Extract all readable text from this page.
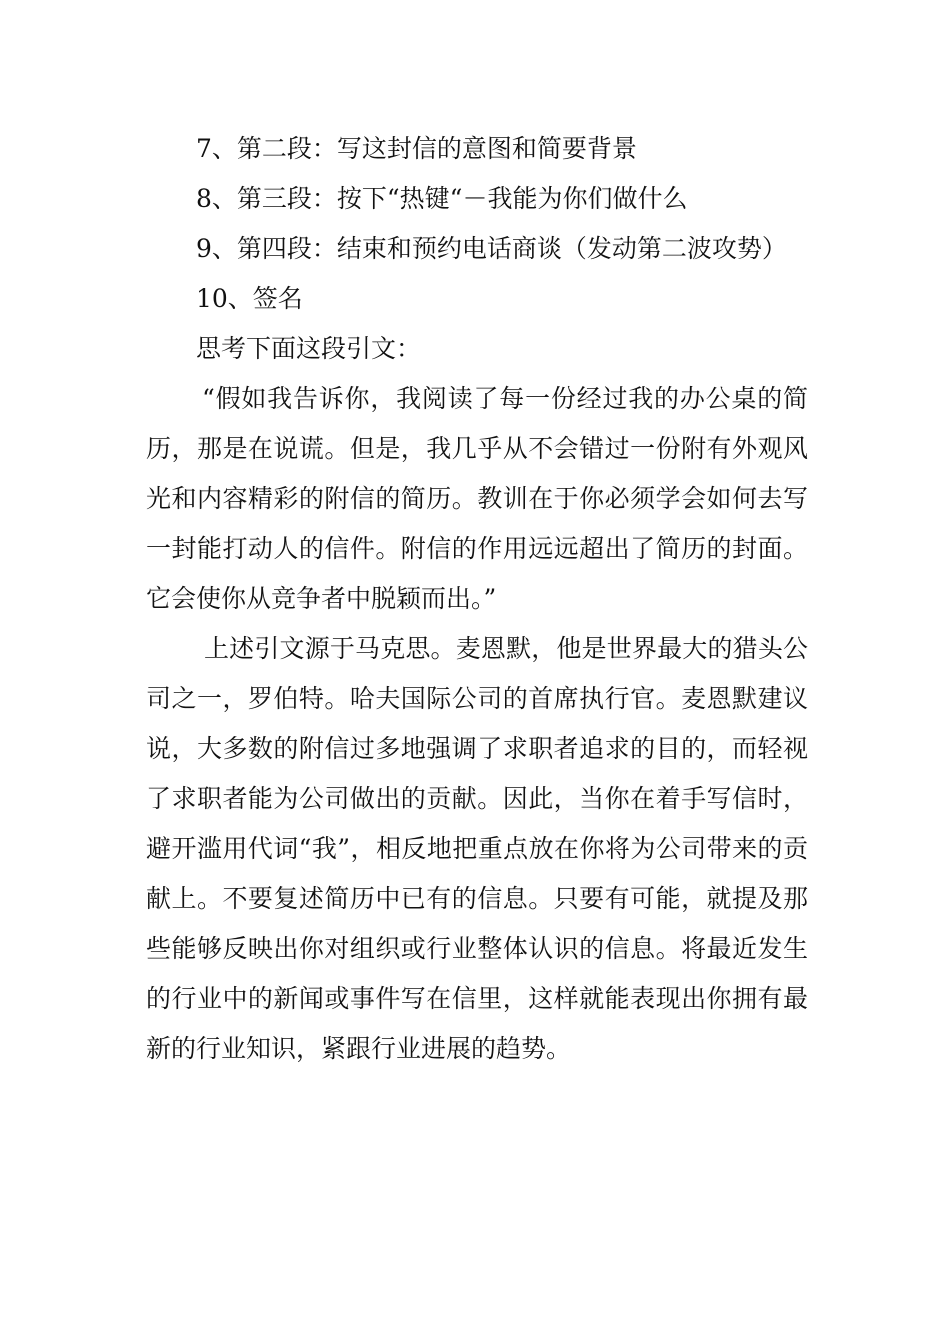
7、第二段：写这封信的意图和简要背景

8、第三段：按下“热键“－我能为你们做什么

9、第四段：结束和预约电话商谈（发动第二波攻势）

10、签名

思考下面这段引文：

“假如我告诉你，我阅读了每一份经过我的办公桌的简历，那是在说谎。但是，我几乎从不会错过一份附有外观风光和内容精彩的附信的简历。教训在于你必须学会如何去写一封能打动人的信件。附信的作用远远超出了简历的封面。它会使你从竞争者中脱颖而出。”

上述引文源于马克思。麦恩默，他是世界最大的猎头公司之一，罗伯特。哈夫国际公司的首席执行官。麦恩默建议说，大多数的附信过多地强调了求职者追求的目的，而轻视了求职者能为公司做出的贡献。因此，当你在着手写信时，避开滥用代词“我”，相反地把重点放在你将为公司带来的贡献上。不要复述简历中已有的信息。只要有可能，就提及那些能够反映出你对组织或行业整体认识的信息。将最近发生的行业中的新闻或事件写在信里，这样就能表现出你拥有最新的行业知识，紧跟行业进展的趋势。
